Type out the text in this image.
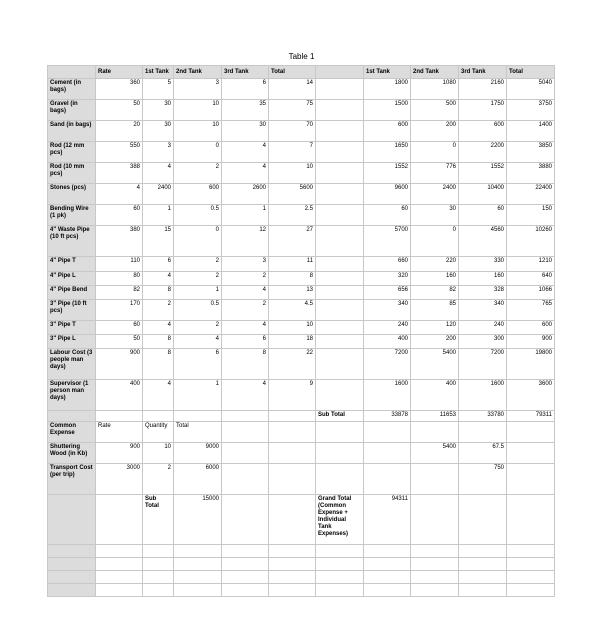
Table 1
	Rate	1st Tank	2nd Tank	3rd Tank	Total		1st Tank	2nd Tank	3rd Tank	Total
Cement (in bags)	360	5	3	6	14		1800	1080	2160	5040
Gravel (in bags)	50	30	10	35	75		1500	500	1750	3750
Sand (in bags)	20	30	10	30	70		600	200	600	1400
Rod (12 mm pcs)	550	3	0	4	7		1650	0	2200	3850
Rod (10 mm pcs)	388	4	2	4	10		1552	776	1552	3880
Stones (pcs)	4	2400	600	2600	5600		9600	2400	10400	22400
Bending Wire (1 pk)	60	1	0.5	1	2.5		60	30	60	150
4" Waste Pipe (10 ft pcs)	380	15	0	12	27		5700	0	4560	10260
4" Pipe T	110	6	2	3	11		660	220	330	1210
4" Pipe L	80	4	2	2	8		320	160	160	640
4" Pipe Bend	82	8	1	4	13		656	82	328	1066
3" Pipe (10 ft pcs)	170	2	0.5	2	4.5		340	85	340	765
3" Pipe T	60	4	2	4	10		240	120	240	600
3" Pipe L	50	8	4	6	18		400	200	300	900
Labour Cost (3 people man days)	900	8	6	8	22		7200	5400	7200	19800
Supervisor (1 person man days)	400	4	1	4	9		1600	400	1600	3600
						Sub Total	33878	11653	33780	79311
Common Expense	Rate	Quantity	Total							
Shuttering Wood (in Kb)	900	10	9000					5400	67.5	
Transport Cost (per trip)	3000	2	6000						750	
		Sub Total	15000			Grand Total (Common Expense + Individual Tank Expenses)	94311			
